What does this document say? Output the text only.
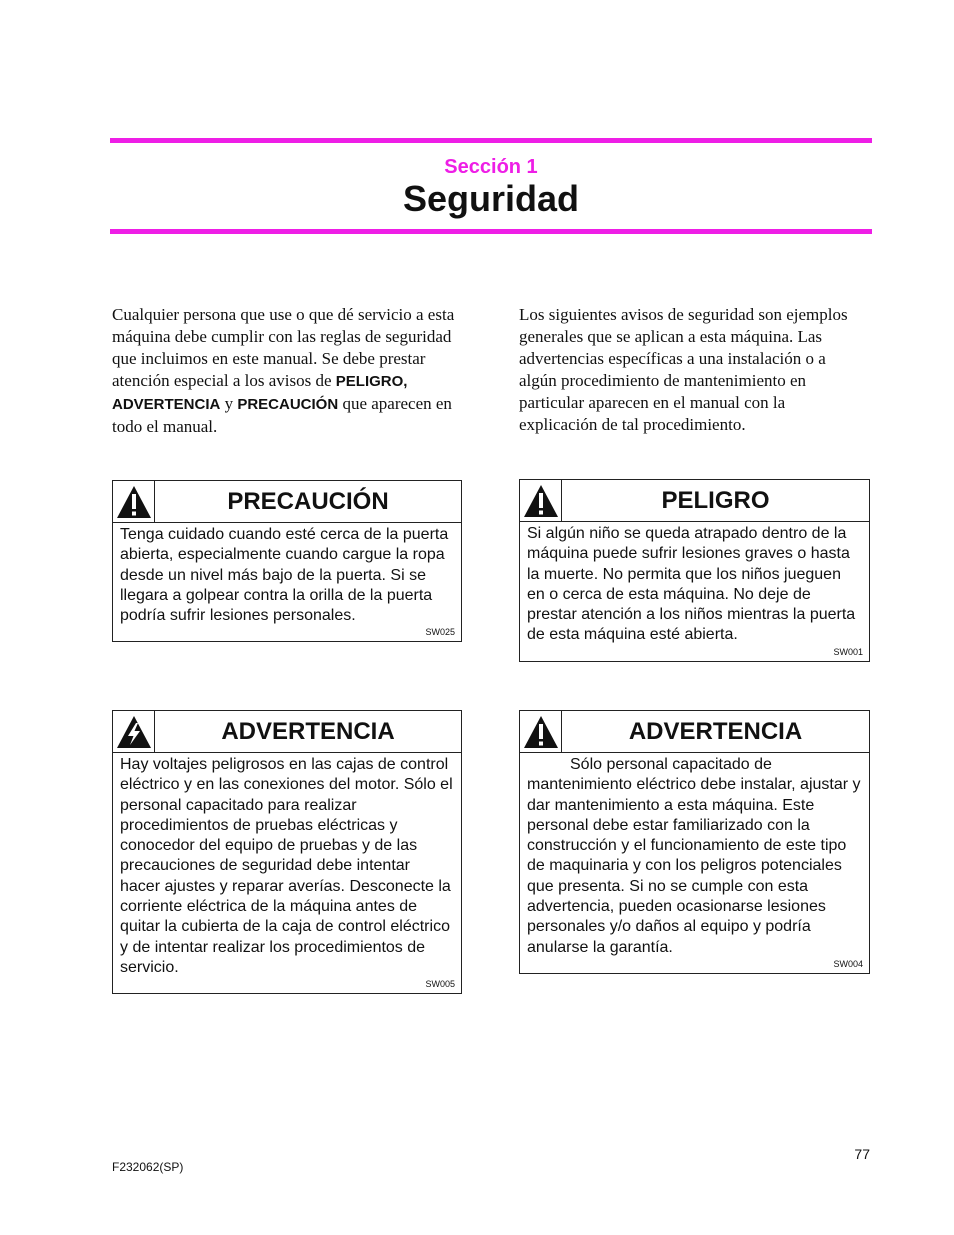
Sección 1
Seguridad
Cualquier persona que use o que dé servicio a esta máquina debe cumplir con las reglas de seguridad que incluimos en este manual. Se debe prestar atención especial a los avisos de PELIGRO, ADVERTENCIA y PRECAUCIÓN que aparecen en todo el manual.
Los siguientes avisos de seguridad son ejemplos generales que se aplican a esta máquina. Las advertencias específicas a una instalación o a algún procedimiento de mantenimiento en particular aparecen en el manual con la explicación de tal procedimiento.
PRECAUCIÓN
Tenga cuidado cuando esté cerca de la puerta abierta, especialmente cuando cargue la ropa desde un nivel más bajo de la puerta. Si se llegara a golpear contra la orilla de la puerta podría sufrir lesiones personales.
SW025
PELIGRO
Si algún niño se queda atrapado dentro de la máquina puede sufrir lesiones graves o hasta la muerte. No permita que los niños jueguen en o cerca de esta máquina. No deje de prestar atención a los niños mientras la puerta de esta máquina esté abierta.
SW001
ADVERTENCIA
Hay voltajes peligrosos en las cajas de control eléctrico y en las conexiones del motor. Sólo el personal capacitado para realizar procedimientos de pruebas eléctricas y conocedor del equipo de pruebas y de las precauciones de seguridad debe intentar hacer ajustes y reparar averías. Desconecte la corriente eléctrica de la máquina antes de quitar la cubierta de la caja de control eléctrico y de intentar realizar los procedimientos de servicio.
SW005
ADVERTENCIA
Sólo personal capacitado de mantenimiento eléctrico debe instalar, ajustar y dar mantenimiento a esta máquina. Este personal debe estar familiarizado con la construcción y el funcionamiento de este tipo de maquinaria y con los peligros potenciales que presenta. Si no se cumple con esta advertencia, pueden ocasionarse lesiones personales y/o daños al equipo y podría anularse la garantía.
SW004
F232062(SP)
77
